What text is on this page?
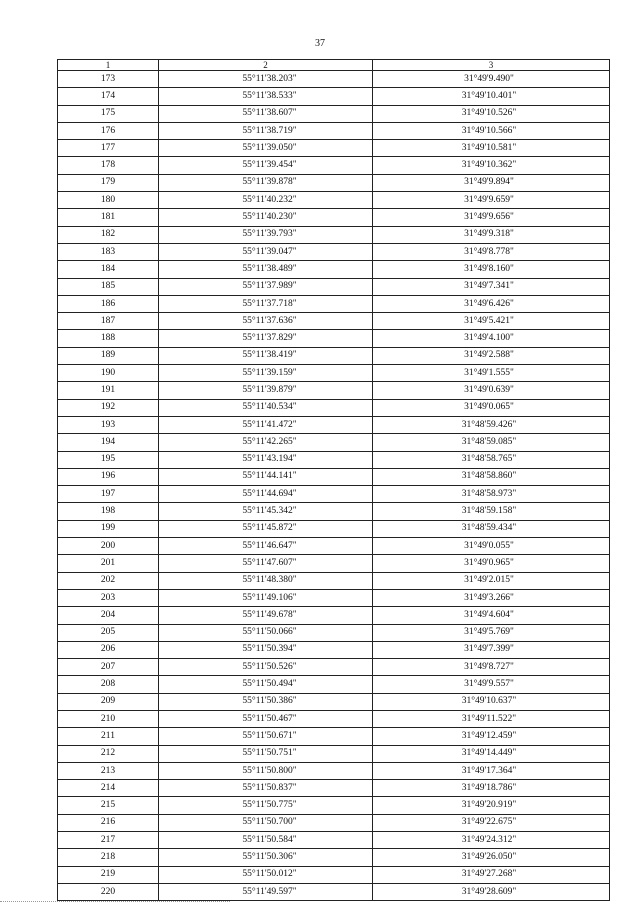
37
1	2	3
173	55°11'38.203"	31°49'9.490"
174	55°11'38.533"	31°49'10.401"
175	55°11'38.607"	31°49'10.526"
176	55°11'38.719"	31°49'10.566"
177	55°11'39.050"	31°49'10.581"
178	55°11'39.454"	31°49'10.362"
179	55°11'39.878"	31°49'9.894"
180	55°11'40.232"	31°49'9.659"
181	55°11'40.230"	31°49'9.656"
182	55°11'39.793"	31°49'9.318"
183	55°11'39.047"	31°49'8.778"
184	55°11'38.489"	31°49'8.160"
185	55°11'37.989"	31°49'7.341"
186	55°11'37.718"	31°49'6.426"
187	55°11'37.636"	31°49'5.421"
188	55°11'37.829"	31°49'4.100"
189	55°11'38.419"	31°49'2.588"
190	55°11'39.159"	31°49'1.555"
191	55°11'39.879"	31°49'0.639"
192	55°11'40.534"	31°49'0.065"
193	55°11'41.472"	31°48'59.426"
194	55°11'42.265"	31°48'59.085"
195	55°11'43.194"	31°48'58.765"
196	55°11'44.141"	31°48'58.860"
197	55°11'44.694"	31°48'58.973"
198	55°11'45.342"	31°48'59.158"
199	55°11'45.872"	31°48'59.434"
200	55°11'46.647"	31°49'0.055"
201	55°11'47.607"	31°49'0.965"
202	55°11'48.380"	31°49'2.015"
203	55°11'49.106"	31°49'3.266"
204	55°11'49.678"	31°49'4.604"
205	55°11'50.066"	31°49'5.769"
206	55°11'50.394"	31°49'7.399"
207	55°11'50.526"	31°49'8.727"
208	55°11'50.494"	31°49'9.557"
209	55°11'50.386"	31°49'10.637"
210	55°11'50.467"	31°49'11.522"
211	55°11'50.671"	31°49'12.459"
212	55°11'50.751"	31°49'14.449"
213	55°11'50.800"	31°49'17.364"
214	55°11'50.837"	31°49'18.786"
215	55°11'50.775"	31°49'20.919"
216	55°11'50.700"	31°49'22.675"
217	55°11'50.584"	31°49'24.312"
218	55°11'50.306"	31°49'26.050"
219	55°11'50.012"	31°49'27.268"
220	55°11'49.597"	31°49'28.609"
